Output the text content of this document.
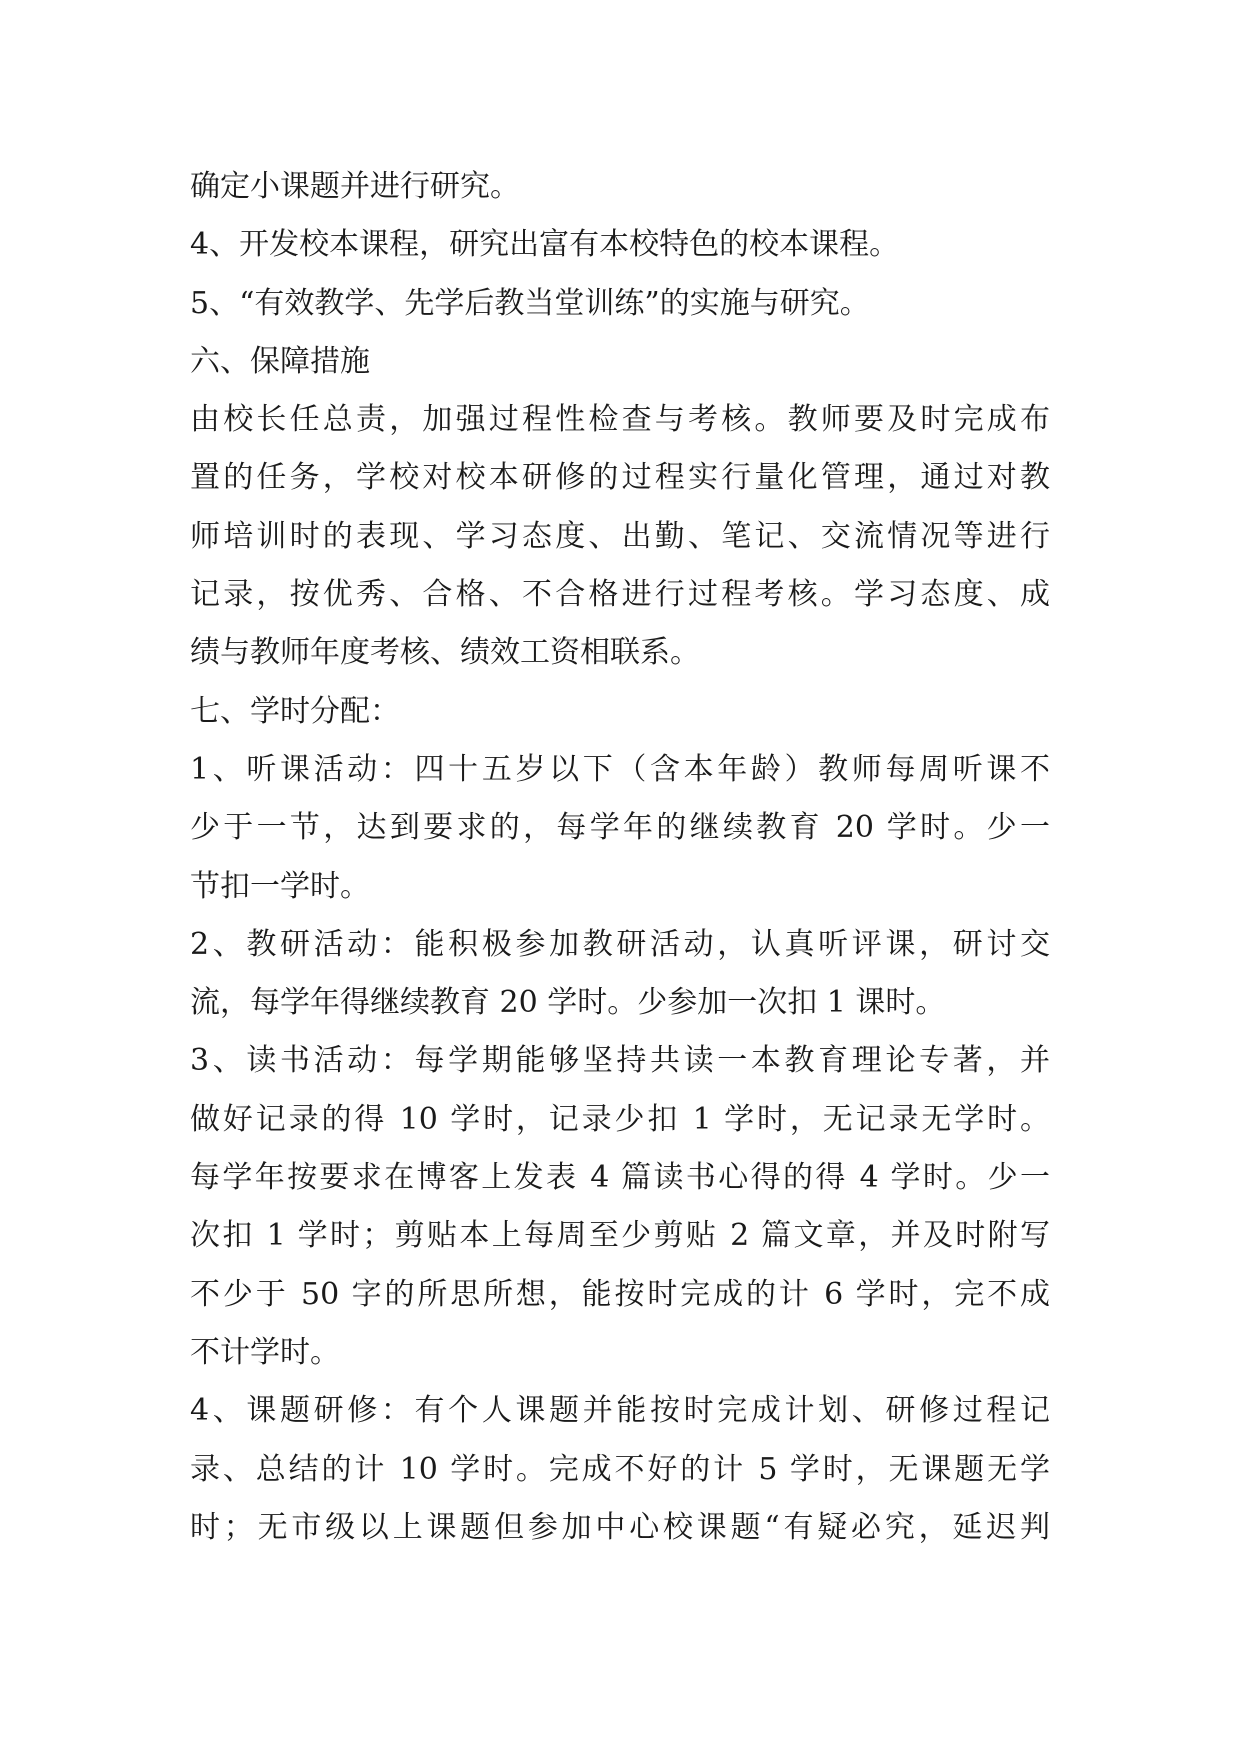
确定小课题并进行研究。
4、开发校本课程，研究出富有本校特色的校本课程。
5、“有效教学、先学后教当堂训练”的实施与研究。
六、保障措施
由校长任总责，加强过程性检查与考核。教师要及时完成布
置的任务，学校对校本研修的过程实行量化管理，通过对教
师培训时的表现、学习态度、出勤、笔记、交流情况等进行
记录，按优秀、合格、不合格进行过程考核。学习态度、成
绩与教师年度考核、绩效工资相联系。
七、学时分配：
1、听课活动：四十五岁以下（含本年龄）教师每周听课不
少于一节，达到要求的，每学年的继续教育 20 学时。少一
节扣一学时。
2、教研活动：能积极参加教研活动，认真听评课，研讨交
流，每学年得继续教育 20 学时。少参加一次扣 1 课时。
3、读书活动：每学期能够坚持共读一本教育理论专著，并
做好记录的得 10 学时，记录少扣 1 学时，无记录无学时。
每学年按要求在博客上发表 4 篇读书心得的得 4 学时。少一
次扣 1 学时；剪贴本上每周至少剪贴 2 篇文章，并及时附写
不少于 50 字的所思所想，能按时完成的计 6 学时，完不成
不计学时。
4、课题研修：有个人课题并能按时完成计划、研修过程记
录、总结的计 10 学时。完成不好的计 5 学时，无课题无学
时；无市级以上课题但参加中心校课题“有疑必究，延迟判
